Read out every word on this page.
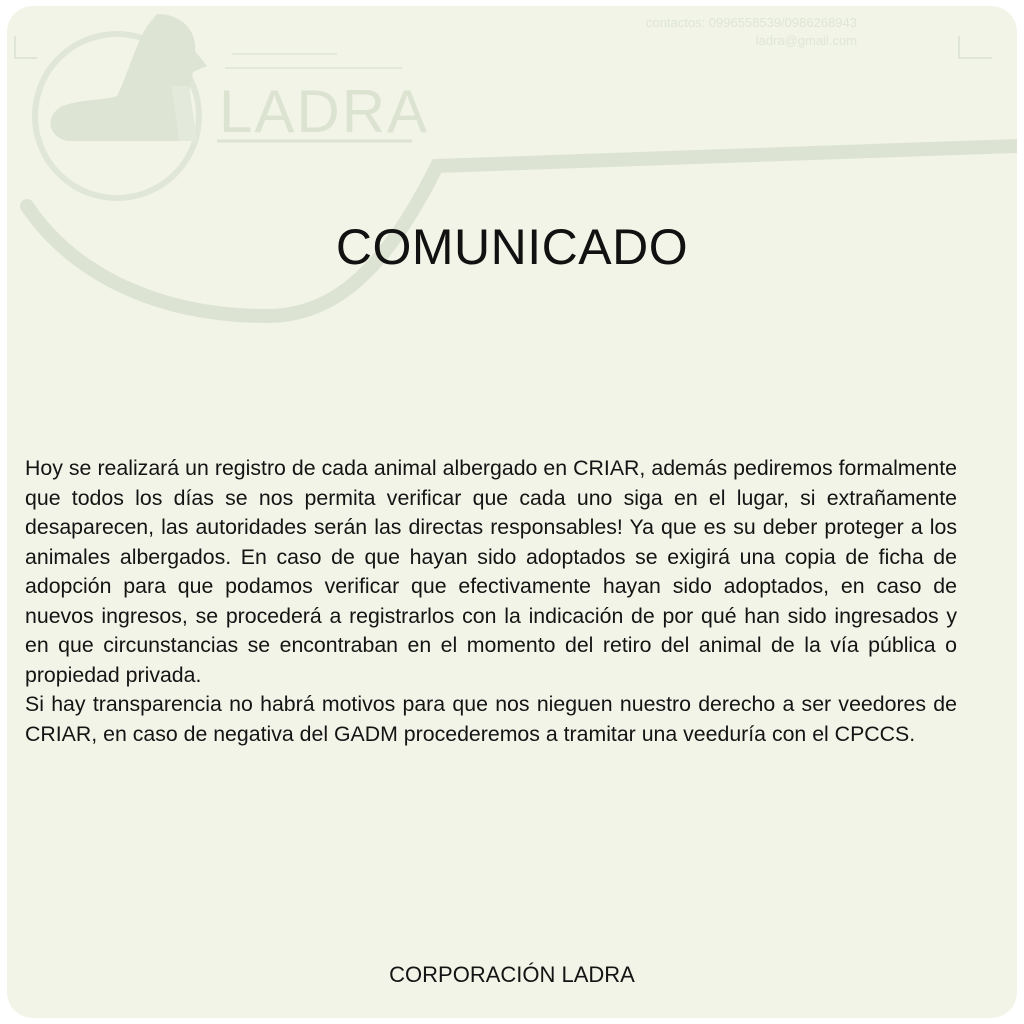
LADRA
contactos: 0996558539/0986268943
ladra@gmail.com
COMUNICADO

Hoy se realizará un registro de cada animal albergado en CRIAR, además pediremos formalmente que todos los días se nos permita verificar que cada uno siga en el lugar, si extrañamente desaparecen, las autoridades serán las directas responsables! Ya que es su deber proteger a los animales albergados. En caso de que hayan sido adoptados se exigirá una copia de ficha de adopción para que podamos verificar que efectivamente hayan sido adoptados, en caso de nuevos ingresos, se procederá a registrarlos con la indicación de por qué han sido ingresados y en que circunstancias se encontraban en el momento del retiro del animal de la vía pública o propiedad privada.

Si hay transparencia no habrá motivos para que nos nieguen nuestro derecho a ser veedores de CRIAR, en caso de negativa del GADM procederemos a tramitar una veeduría con el CPCCS.

CORPORACIÓN LADRA
